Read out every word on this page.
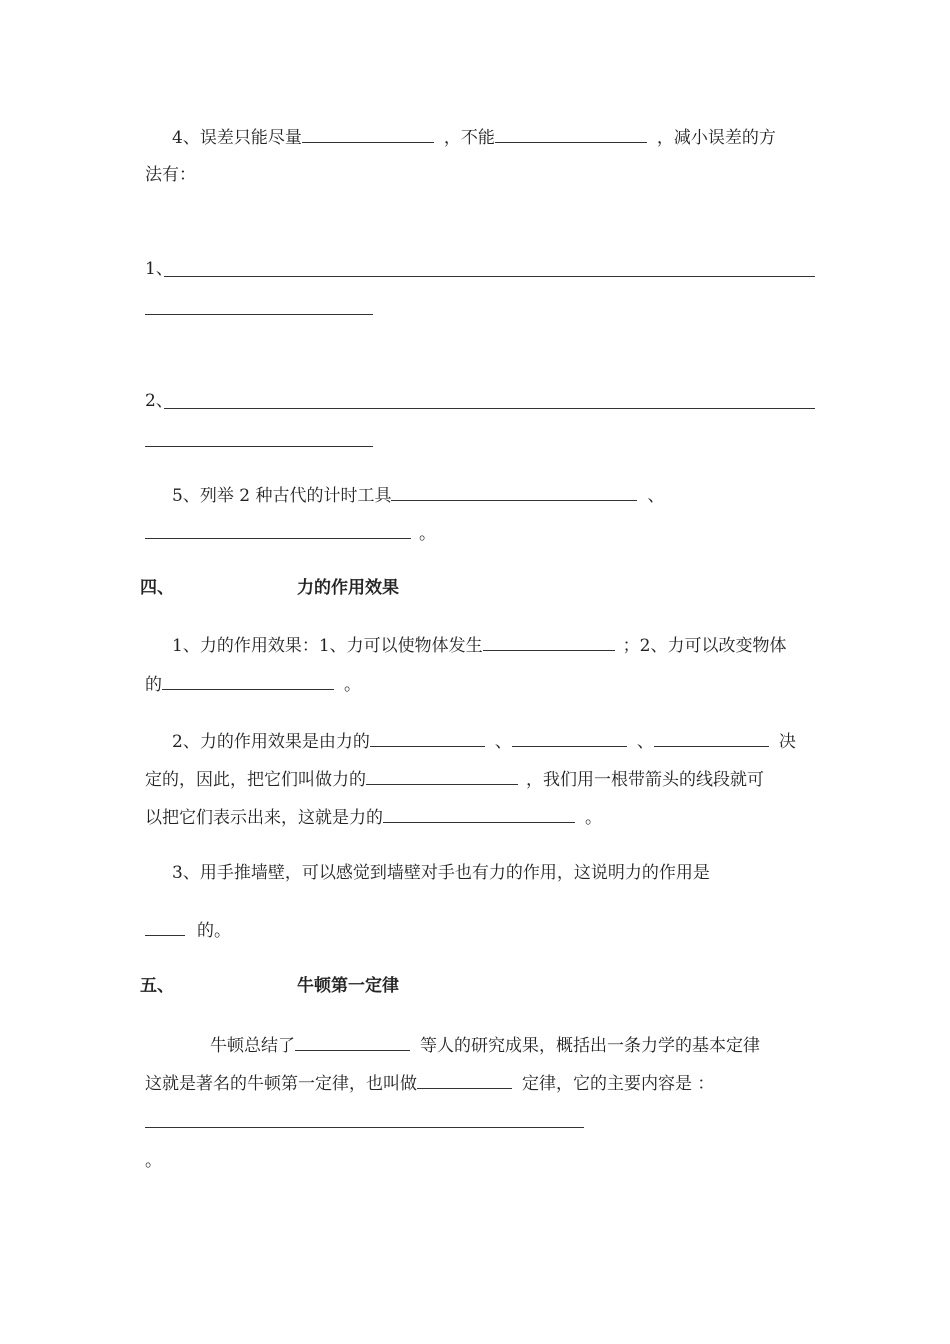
4、误差只能尽量	，不能	，减小误差的方
法有：
1、
2、
5、列举 2 种古代的计时工具	、
。
四、	力的作用效果
1、力的作用效果：1、力可以使物体发生	；2、力可以改变物体
的	。
2、力的作用效果是由力的	、	、	决
定的，因此，把它们叫做力的	，我们用一根带箭头的线段就可
以把它们表示出来，这就是力的	。
3、用手推墙壁，可以感觉到墙壁对手也有力的作用，这说明力的作用是
的。
五、	牛顿第一定律
牛顿总结了	等人的研究成果，概括出一条力学的基本定律
这就是著名的牛顿第一定律，也叫做	定律，它的主要内容是 ：
。
